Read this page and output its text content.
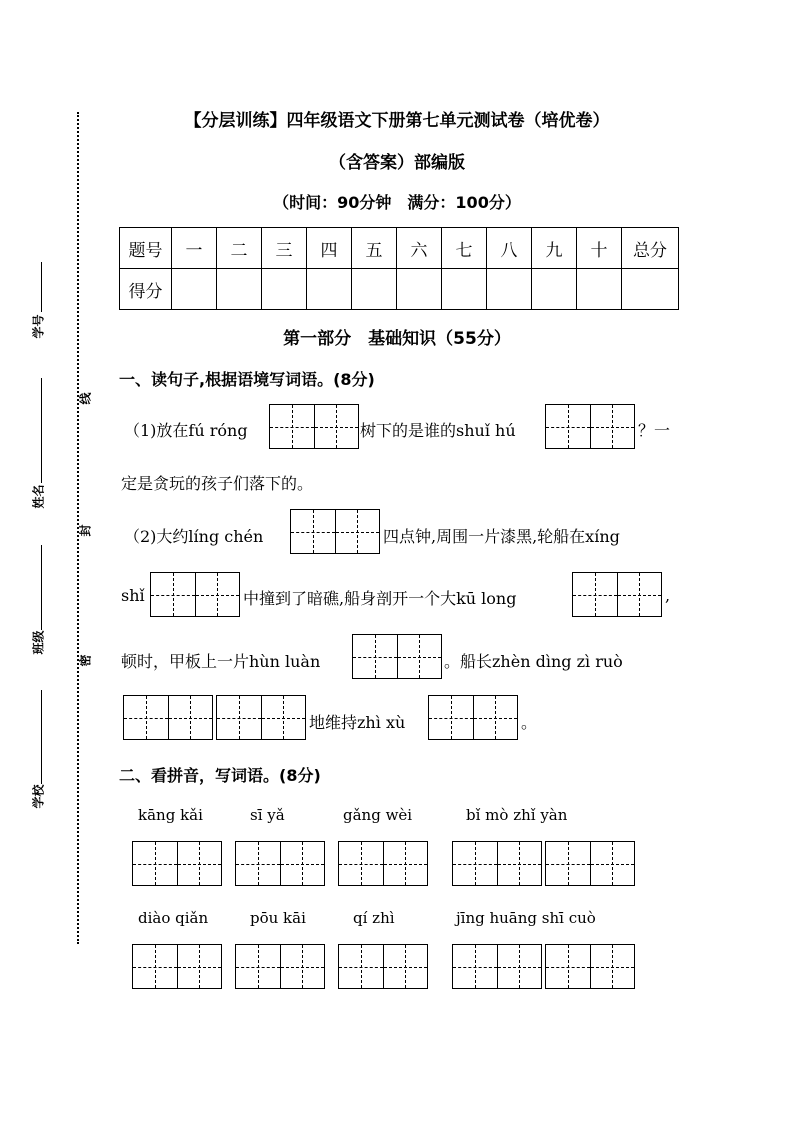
学号
姓名
班级
学校
线
封
密
【分层训练】四年级语文下册第七单元测试卷（培优卷）
（含答案）部编版
（时间：90分钟　满分：100分）
题号	一	二	三	四	五	六	七	八	九	十	总分
得分											
第一部分　基础知识（55分）
一、读句子,根据语境写词语。(8分)
（1)放在fú róng	树下的是谁的shuǐ hú	？一
定是贪玩的孩子们落下的。
（2)大约líng chén	四点钟,周围一片漆黑,轮船在xíng
shǐ	中撞到了暗礁,船身剖开一个大kū long	,
顿时，甲板上一片hùn luàn	。船长zhèn dìng zì ruò
地维持zhì xù	。
二、看拼音，写词语。(8分)
kāng kǎi	sī yǎ	gǎng wèi	bǐ mò zhǐ yàn
diào qiǎn	pōu kāi	qí zhì	jīng huāng shī cuò
